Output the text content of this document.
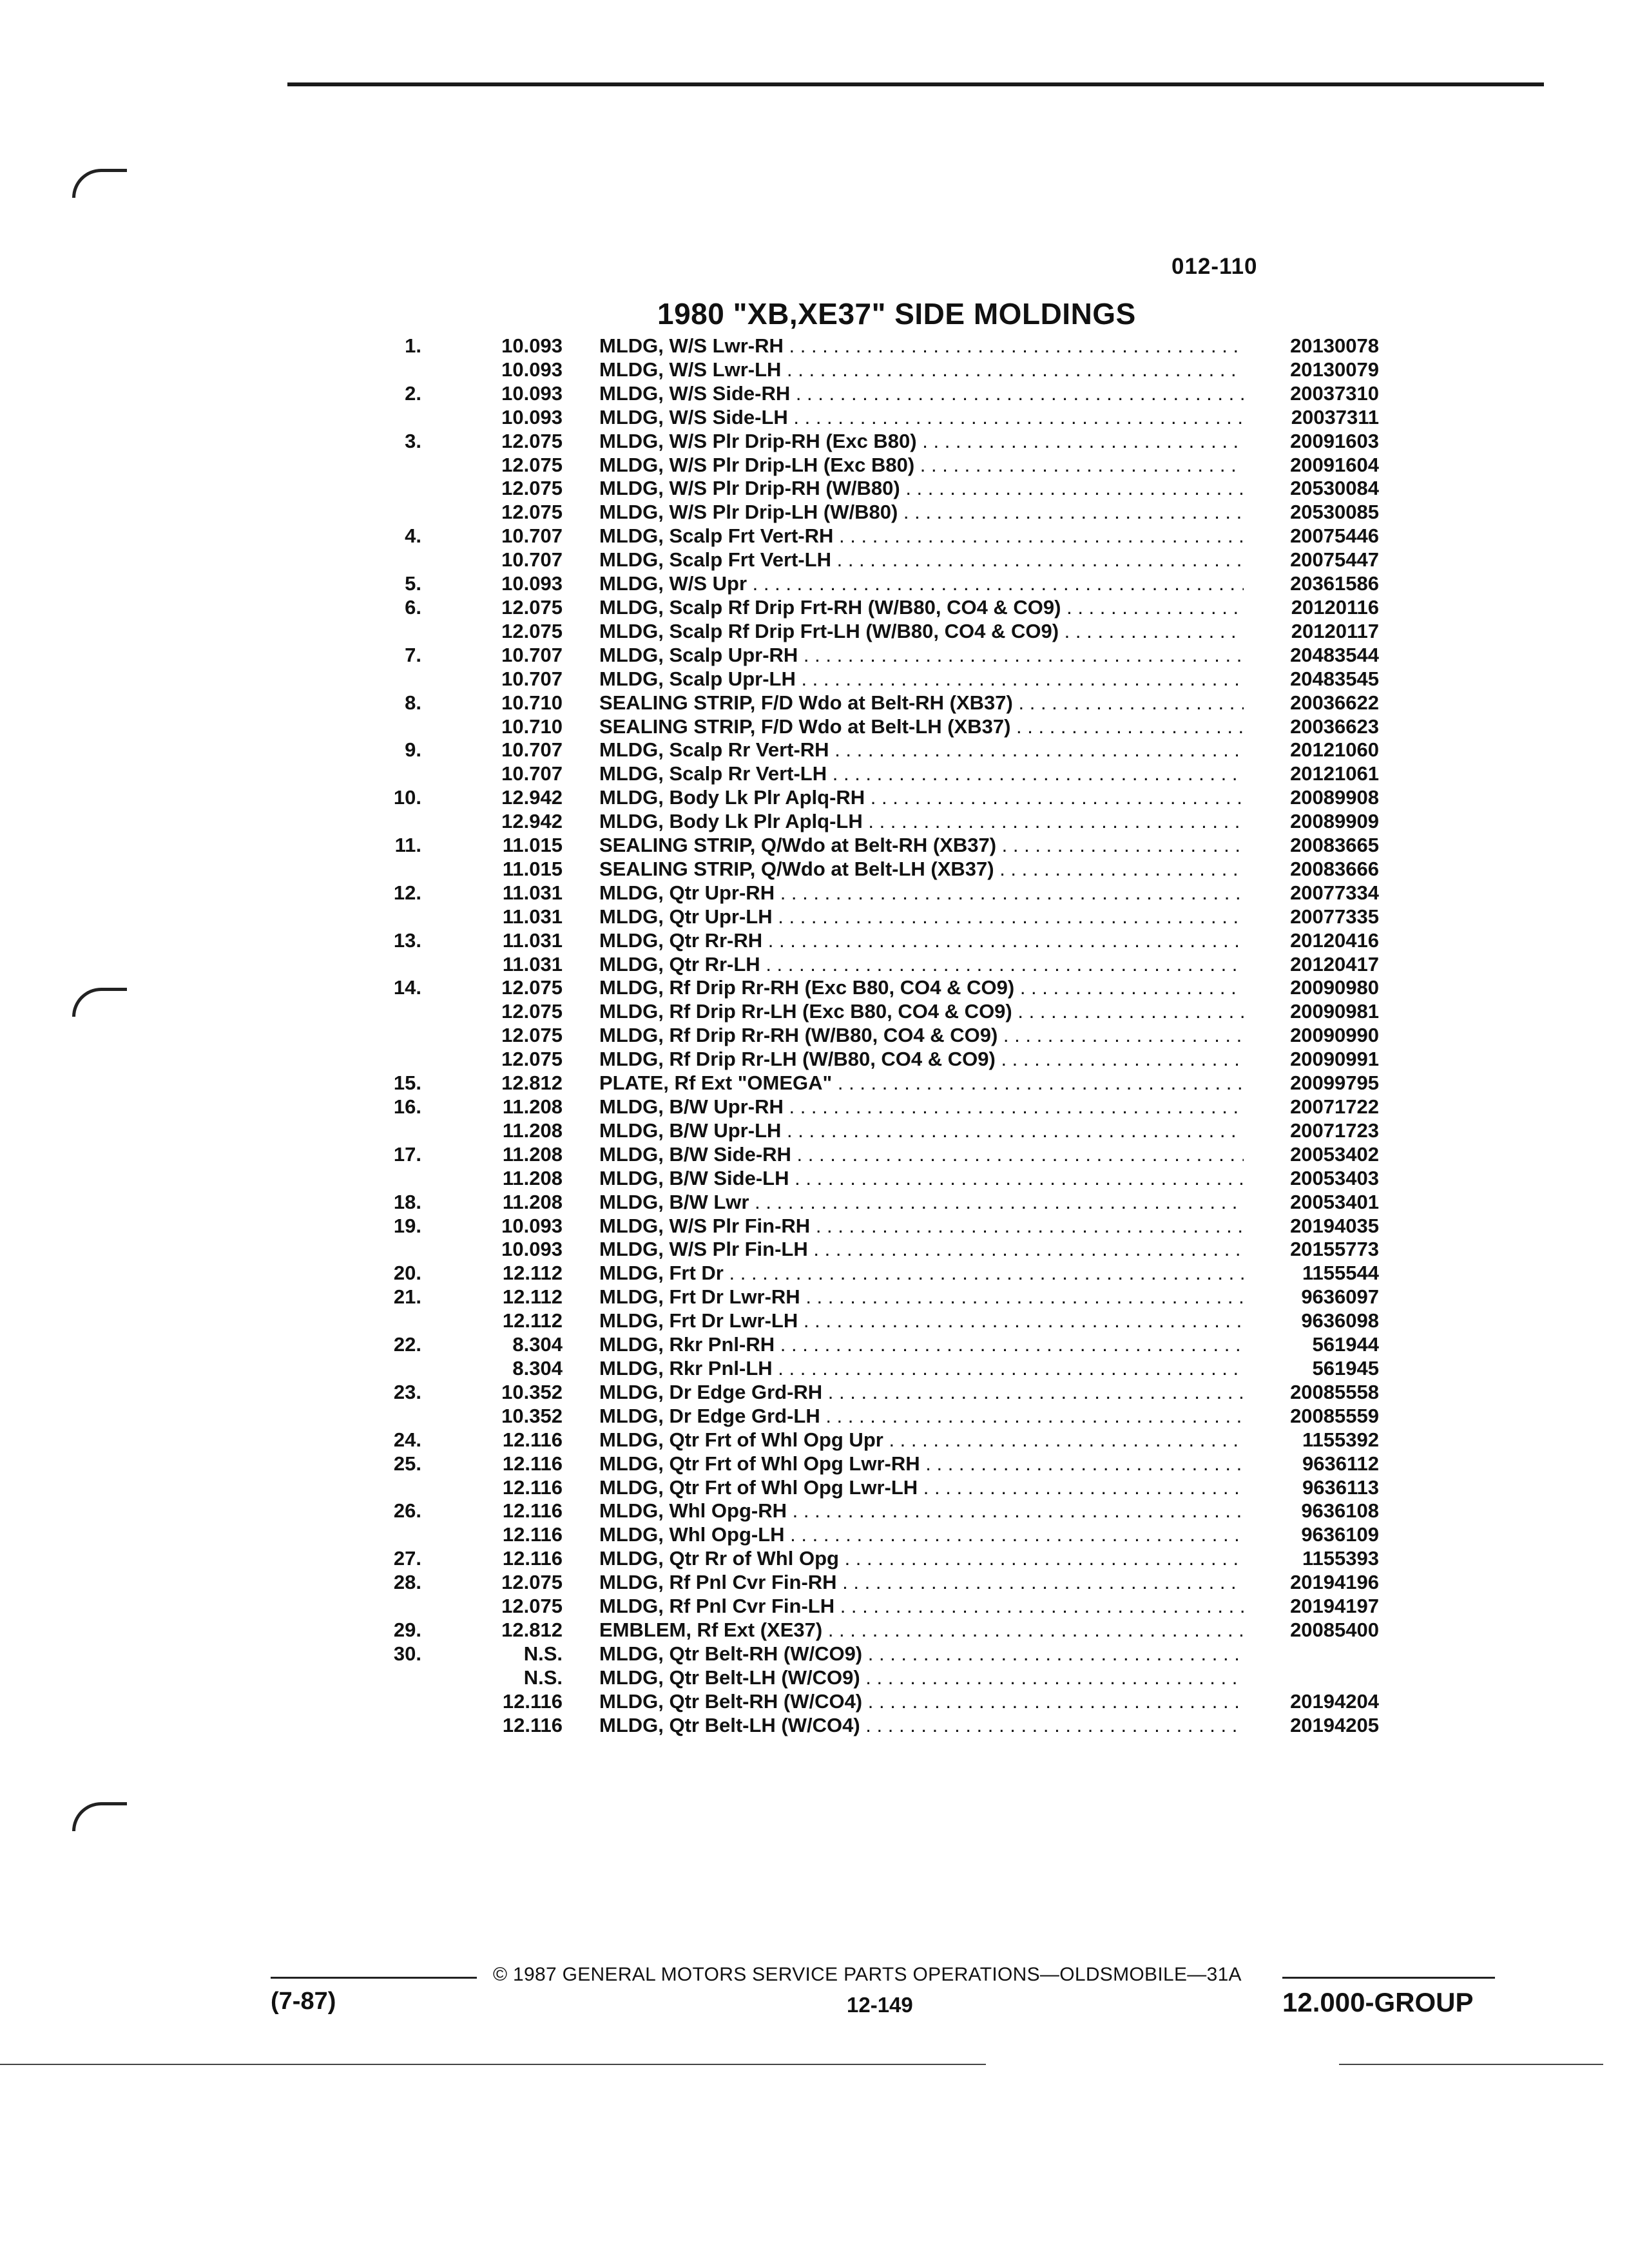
012-110
1980 "XB,XE37" SIDE MOLDINGS
1.	10.093 MLDG, W/S Lwr-RH . . .	20130078
10.093 MLDG, W/S Lwr-LH . . .	20130079
2.	10.093 MLDG, W/S Side-RH . . .	20037310
10.093 MLDG, W/S Side-LH . . .	20037311
3.	12.075 MLDG, W/S Plr Drip-RH (Exc B80) . . .	20091603
12.075 MLDG, W/S Plr Drip-LH (Exc B80) . . .	20091604
12.075 MLDG, W/S Plr Drip-RH (W/B80) . . .	20530084
12.075 MLDG, W/S Plr Drip-LH (W/B80) . . .	20530085
4.	10.707 MLDG, Scalp Frt Vert-RH . . .	20075446
10.707 MLDG, Scalp Frt Vert-LH . . .	20075447
5.	10.093 MLDG, W/S Upr . . .	20361586
6.	12.075 MLDG, Scalp Rf Drip Frt-RH (W/B80, CO4 & CO9) . . .	20120116
12.075 MLDG, Scalp Rf Drip Frt-LH (W/B80, CO4 & CO9) . . .	20120117
7.	10.707 MLDG, Scalp Upr-RH . . .	20483544
10.707 MLDG, Scalp Upr-LH . . .	20483545
8.	10.710 SEALING STRIP, F/D Wdo at Belt-RH (XB37) . . .	20036622
10.710 SEALING STRIP, F/D Wdo at Belt-LH (XB37) . . .	20036623
9.	10.707 MLDG, Scalp Rr Vert-RH . . .	20121060
10.707 MLDG, Scalp Rr Vert-LH . . .	20121061
10.	12.942 MLDG, Body Lk Plr Aplq-RH . . .	20089908
12.942 MLDG, Body Lk Plr Aplq-LH . . .	20089909
11.	11.015 SEALING STRIP, Q/Wdo at Belt-RH (XB37) . . .	20083665
11.015 SEALING STRIP, Q/Wdo at Belt-LH (XB37) . . .	20083666
12.	11.031 MLDG, Qtr Upr-RH . . .	20077334
11.031 MLDG, Qtr Upr-LH . . .	20077335
13.	11.031 MLDG, Qtr Rr-RH . . .	20120416
11.031 MLDG, Qtr Rr-LH . . .	20120417
14.	12.075 MLDG, Rf Drip Rr-RH (Exc B80, CO4 & CO9) . . .	20090980
12.075 MLDG, Rf Drip Rr-LH (Exc B80, CO4 & CO9) . . .	20090981
12.075 MLDG, Rf Drip Rr-RH (W/B80, CO4 & CO9) . . .	20090990
12.075 MLDG, Rf Drip Rr-LH (W/B80, CO4 & CO9) . . .	20090991
15.	12.812 PLATE, Rf Ext "OMEGA" . . .	20099795
16.	11.208 MLDG, B/W Upr-RH . . .	20071722
11.208 MLDG, B/W Upr-LH . . .	20071723
17.	11.208 MLDG, B/W Side-RH . . .	20053402
11.208 MLDG, B/W Side-LH . . .	20053403
18.	11.208 MLDG, B/W Lwr . . .	20053401
19.	10.093 MLDG, W/S Plr Fin-RH . . .	20194035
10.093 MLDG, W/S Plr Fin-LH . . .	20155773
20.	12.112 MLDG, Frt Dr . . .	1155544
21.	12.112 MLDG, Frt Dr Lwr-RH . . .	9636097
12.112 MLDG, Frt Dr Lwr-LH . . .	9636098
22.	8.304 MLDG, Rkr Pnl-RH . . .	561944
8.304 MLDG, Rkr Pnl-LH . . .	561945
23.	10.352 MLDG, Dr Edge Grd-RH . . .	20085558
10.352 MLDG, Dr Edge Grd-LH . . .	20085559
24.	12.116 MLDG, Qtr Frt of Whl Opg Upr . . .	1155392
25.	12.116 MLDG, Qtr Frt of Whl Opg Lwr-RH . . .	9636112
12.116 MLDG, Qtr Frt of Whl Opg Lwr-LH . . .	9636113
26.	12.116 MLDG, Whl Opg-RH . . .	9636108
12.116 MLDG, Whl Opg-LH . . .	9636109
27.	12.116 MLDG, Qtr Rr of Whl Opg . . .	1155393
28.	12.075 MLDG, Rf Pnl Cvr Fin-RH . . .	20194196
12.075 MLDG, Rf Pnl Cvr Fin-LH . . .	20194197
29.	12.812 EMBLEM, Rf Ext (XE37) . . .	20085400
30.	N.S. MLDG, Qtr Belt-RH (W/CO9) . . .
N.S. MLDG, Qtr Belt-LH (W/CO9) . . .
12.116 MLDG, Qtr Belt-RH (W/CO4) . . .	20194204
12.116 MLDG, Qtr Belt-LH (W/CO4) . . .	20194205
(7-87)
© 1987 GENERAL MOTORS SERVICE PARTS OPERATIONS—OLDSMOBILE—31A
12-149	12.000-GROUP
